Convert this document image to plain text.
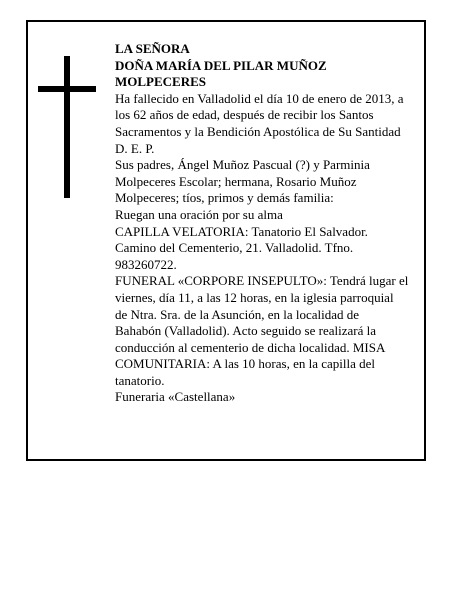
LA SEÑORA
DOÑA MARÍA DEL PILAR MUÑOZ
MOLPECERES
Ha fallecido en Valladolid el día 10 de enero de 2013, a
los 62 años de edad, después de recibir los Santos
Sacramentos y la Bendición Apostólica de Su Santidad
D. E. P.
Sus padres, Ángel Muñoz Pascual (?) y Parminia
Molpeceres Escolar; hermana, Rosario Muñoz
Molpeceres; tíos, primos y demás familia:
Ruegan una oración por su alma
CAPILLA VELATORIA: Tanatorio El Salvador.
Camino del Cementerio, 21. Valladolid. Tfno.
983260722.
FUNERAL «CORPORE INSEPULTO»: Tendrá lugar el
viernes, día 11, a las 12 horas, en la iglesia parroquial
de Ntra. Sra. de la Asunción, en la localidad de
Bahabón (Valladolid). Acto seguido se realizará la
conducción al cementerio de dicha localidad. MISA
COMUNITARIA: A las 10 horas, en la capilla del
tanatorio.
Funeraria «Castellana»
